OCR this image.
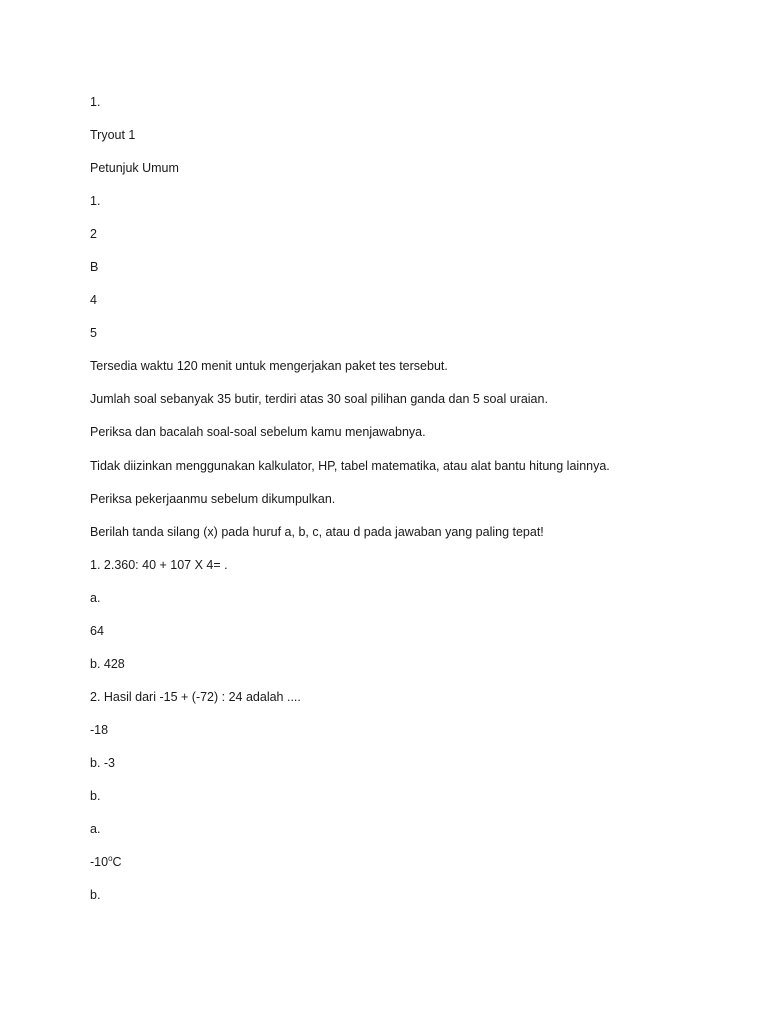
1.
Tryout 1
Petunjuk Umum
1.
2
B
4
5
Tersedia waktu 120 menit untuk mengerjakan paket tes tersebut.
Jumlah soal sebanyak 35 butir, terdiri atas 30 soal pilihan ganda dan 5 soal uraian.
Periksa dan bacalah soal-soal sebelum kamu menjawabnya.
Tidak diizinkan menggunakan kalkulator, HP, tabel matematika, atau alat bantu hitung lainnya.
Periksa pekerjaanmu sebelum dikumpulkan.
Berilah tanda silang (x) pada huruf a, b, c, atau d pada jawaban yang paling tepat!
1. 2.360: 40 + 107 X 4= .
a.
64
b. 428
2. Hasil dari -15 + (-72) : 24 adalah ....
-18
b. -3
b.
a.
-10$^o$C
b.
